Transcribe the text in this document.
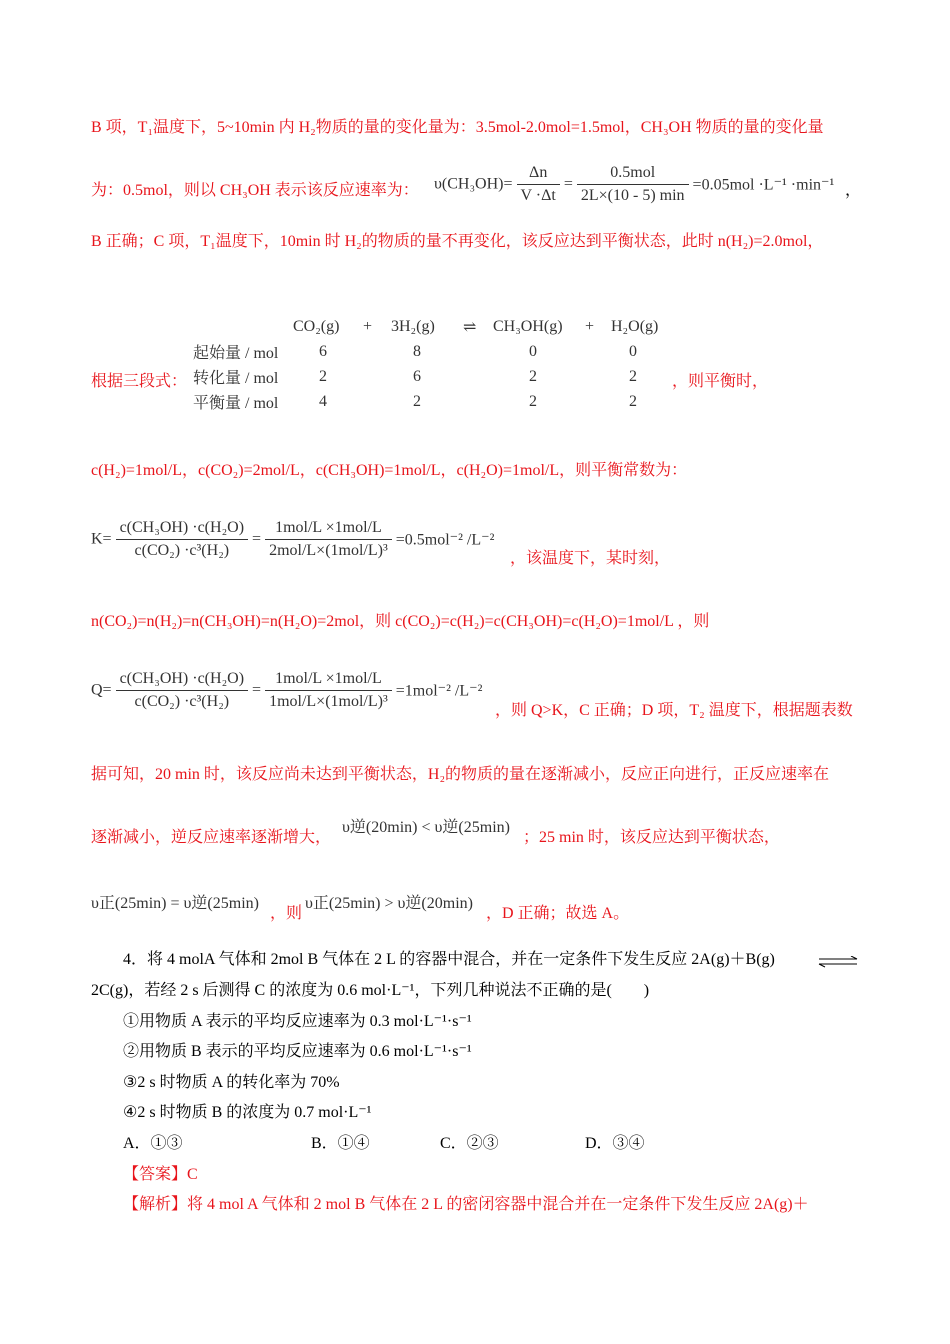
B 项，T₁温度下，5~10min 内 H₂物质的量的变化量为：3.5mol-2.0mol=1.5mol，CH₃OH 物质的量的变化量
为：0.5mol，则以 CH₃OH 表示该反应速率为： $\upsilon(CH_3OH)= \frac{\Delta n}{V \cdot\Delta t} = \frac{\text{0.5mol}}{2L\times(10 - 5) \min} =0.05mol \cdot L^{-1} \cdot\min^{-1}$ ，
B 正确；C 项，T₁温度下，10min 时 H₂的物质的量不再变化，该反应达到平衡状态，此时 n(H₂)=2.0mol，
	CO₂(g)	+	3H₂(g)	⇌	CH₃OH(g)	+	H₂O(g)
起始量 / mol	6		8		0		0
转化量 / mol	2		6		2		2
平衡量 / mol	4		2		2		2
根据三段式：	，则平衡时，
c(H₂)=1mol/L，c(CO₂)=2mol/L，c(CH₃OH)=1mol/L，c(H₂O)=1mol/L，则平衡常数为：
$K= \frac{\text{c(CH₃OH) ·c(H₂O)}}{\text{c(CO₂) ·c³(H₂)}} = \frac{\text{1mol/L ×1mol/L}}{\text{2mol/L×(1mol/L)³}} =0.5mol^{-2}$ /L⁻²
，该温度下，某时刻，
n(CO₂)=n(H₂)=n(CH₃OH)=n(H₂O)=2mol，则 c(CO₂)=c(H₂)=c(CH₃OH)=c(H₂O)=1mol/L ，则
$Q= \frac{\text{c(CH₃OH) ·c(H₂O)}}{\text{c(CO₂) ·c³(H₂)}} = \frac{\text{1mol/L ×1mol/L}}{\text{1mol/L×(1mol/L)³}} =1mol^{-2}$ /L⁻²
，则 Q>K，C 正确；D 项，T₂ 温度下，根据题表数
据可知，20 min 时，该反应尚未达到平衡状态，H₂的物质的量在逐渐减小，反应正向进行，正反应速率在
逐渐减小，逆反应速率逐渐增大，
υ逆(20min) < υ逆(25min)
；25 min 时，该反应达到平衡状态，
υ正(25min) = υ逆(25min)
，则
υ正(25min) > υ逆(20min)
，D 正确；故选 A。
4．将 4 molA 气体和 2mol B 气体在 2 L 的容器中混合，并在一定条件下发生反应 2A(g)＋B(g)
2C(g)，若经 2 s 后测得 C 的浓度为 0.6 mol·L⁻¹，下列几种说法不正确的是(　　)
①用物质 A 表示的平均反应速率为 0.3 mol·L⁻¹·s⁻¹
②用物质 B 表示的平均反应速率为 0.6 mol·L⁻¹·s⁻¹
③2 s 时物质 A 的转化率为 70%
④2 s 时物质 B 的浓度为 0.7 mol·L⁻¹
A．①③	B．①④	C．②③	D．③④
【答案】C
【解析】将 4 mol A 气体和 2 mol B 气体在 2 L 的密闭容器中混合并在一定条件下发生反应 2A(g)＋
